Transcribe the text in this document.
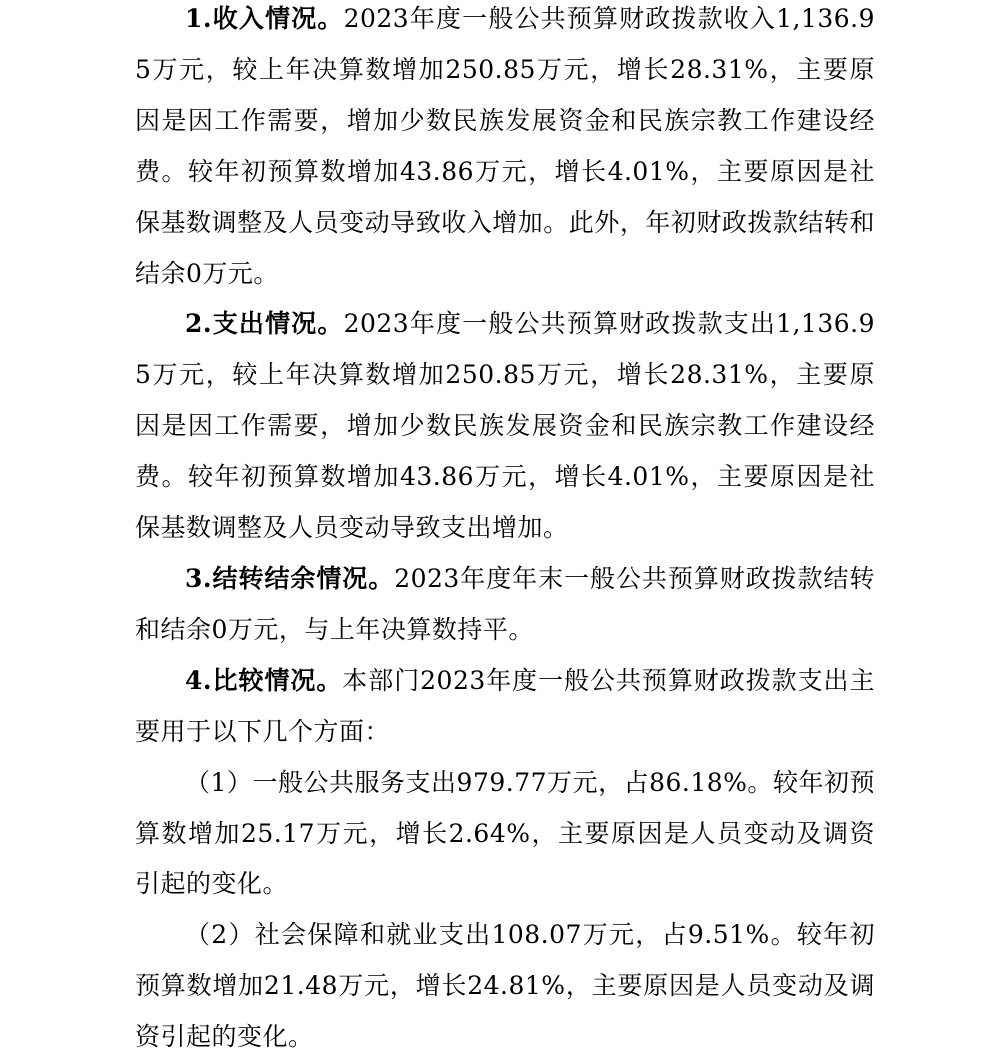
1.收入情况。2023年度一般公共预算财政拨款收入1,136.95万元，较上年决算数增加250.85万元，增长28.31%，主要原因是因工作需要，增加少数民族发展资金和民族宗教工作建设经费。较年初预算数增加43.86万元，增长4.01%，主要原因是社保基数调整及人员变动导致收入增加。此外，年初财政拨款结转和结余0万元。

2.支出情况。2023年度一般公共预算财政拨款支出1,136.95万元，较上年决算数增加250.85万元，增长28.31%，主要原因是因工作需要，增加少数民族发展资金和民族宗教工作建设经费。较年初预算数增加43.86万元，增长4.01%，主要原因是社保基数调整及人员变动导致支出增加。

3.结转结余情况。2023年度年末一般公共预算财政拨款结转和结余0万元，与上年决算数持平。

4.比较情况。本部门2023年度一般公共预算财政拨款支出主要用于以下几个方面：

（1）一般公共服务支出979.77万元，占86.18%。较年初预算数增加25.17万元，增长2.64%，主要原因是人员变动及调资引起的变化。

（2）社会保障和就业支出108.07万元，占9.51%。较年初预算数增加21.48万元，增长24.81%，主要原因是人员变动及调资引起的变化。
